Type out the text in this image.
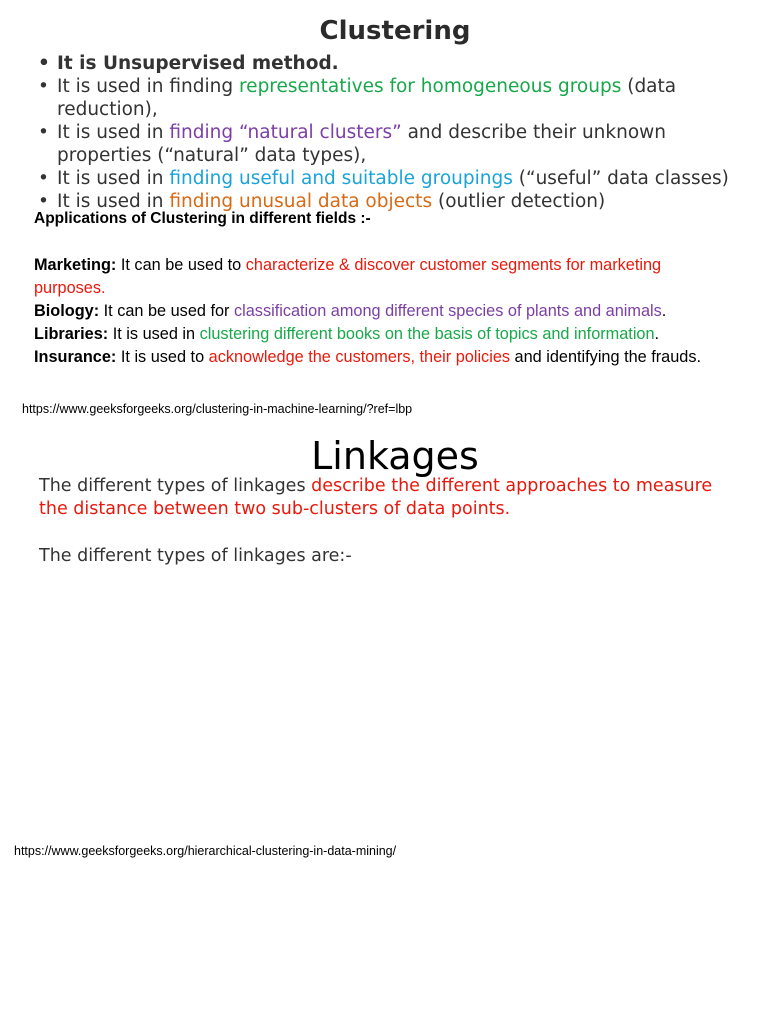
Clustering
• It is Unsupervised method.
• It is used in finding representatives for homogeneous groups (data reduction),
• It is used in finding “natural clusters” and describe their unknown properties (“natural” data types),
• It is used in finding useful and suitable groupings (“useful” data classes)
• It is used in finding unusual data objects (outlier detection)
Applications of Clustering in different fields :-
Marketing: It can be used to characterize & discover customer segments for marketing purposes.
Biology: It can be used for classification among different species of plants and animals.
Libraries: It is used in clustering different books on the basis of topics and information.
Insurance: It is used to acknowledge the customers, their policies and identifying the frauds.
https://www.geeksforgeeks.org/clustering-in-machine-learning/?ref=lbp
Linkages
The different types of linkages describe the different approaches to measure the distance between two sub-clusters of data points.
The different types of linkages are:-
https://www.geeksforgeeks.org/hierarchical-clustering-in-data-mining/
